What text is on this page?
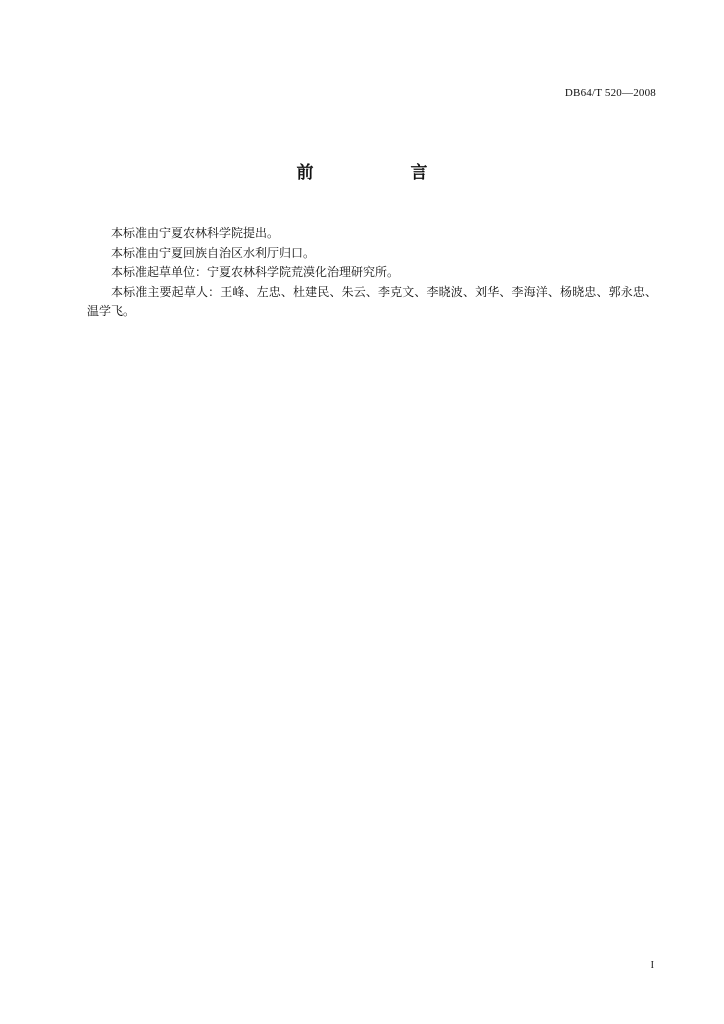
DB64/T 520—2008
前　言

本标准由宁夏农林科学院提出。

本标准由宁夏回族自治区水利厅归口。

本标准起草单位：宁夏农林科学院荒漠化治理研究所。

本标准主要起草人：王峰、左忠、杜建民、朱云、李克文、李晓波、刘华、李海洋、杨晓忠、郭永忠、温学飞。

I
